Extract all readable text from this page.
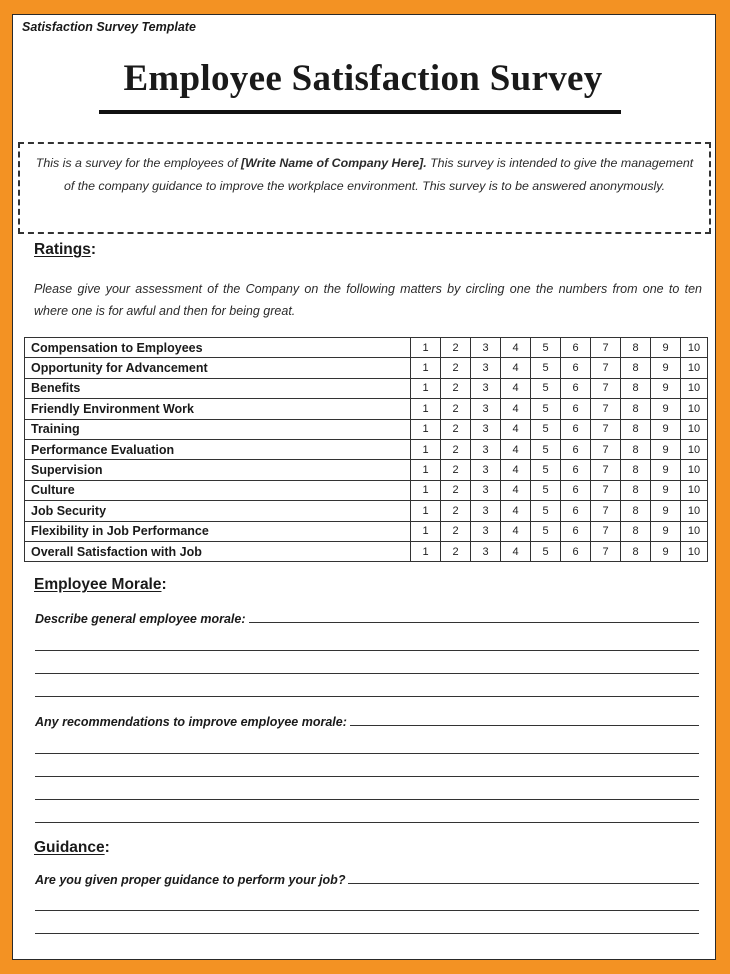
Satisfaction Survey Template
Employee Satisfaction Survey
This is a survey for the employees of [Write Name of Company Here]. This survey is intended to give the management of the company guidance to improve the workplace environment. This survey is to be answered anonymously.
Ratings:
Please give your assessment of the Company on the following matters by circling one the numbers from one to ten where one is for awful and then for being great.
Compensation to Employees	1	2	3	4	5	6	7	8	9	10
Opportunity for Advancement	1	2	3	4	5	6	7	8	9	10
Benefits	1	2	3	4	5	6	7	8	9	10
Friendly Environment Work	1	2	3	4	5	6	7	8	9	10
Training	1	2	3	4	5	6	7	8	9	10
Performance Evaluation	1	2	3	4	5	6	7	8	9	10
Supervision	1	2	3	4	5	6	7	8	9	10
Culture	1	2	3	4	5	6	7	8	9	10
Job Security	1	2	3	4	5	6	7	8	9	10
Flexibility in Job Performance	1	2	3	4	5	6	7	8	9	10
Overall Satisfaction with Job	1	2	3	4	5	6	7	8	9	10
Employee Morale:
Describe general employee morale:
Any recommendations to improve employee morale:
Guidance:
Are you given proper guidance to perform your job?
